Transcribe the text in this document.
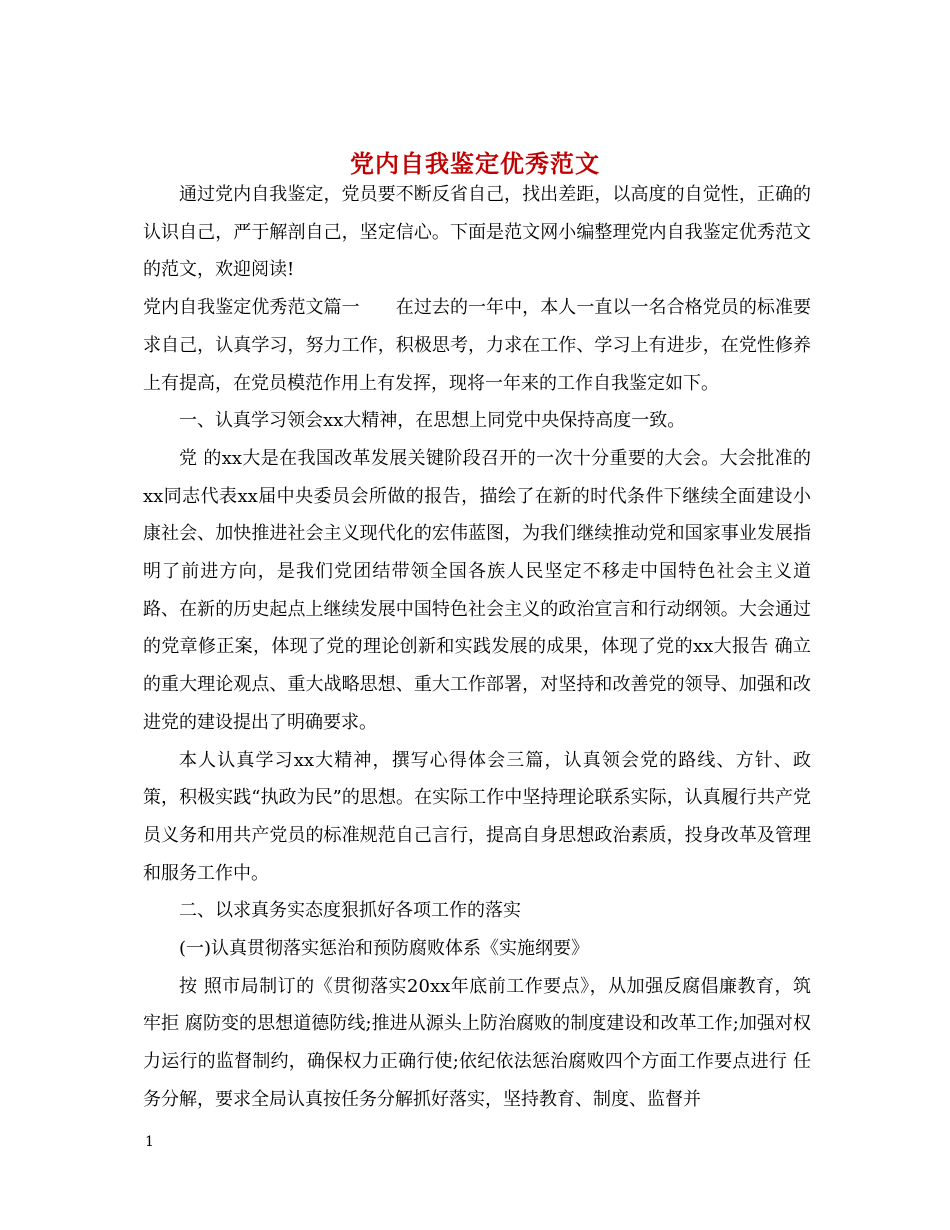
党内自我鉴定优秀范文

通过党内自我鉴定，党员要不断反省自己，找出差距，以高度的自觉性，正确的认识自己，严于解剖自己，坚定信心。下面是范文网小编整理党内自我鉴定优秀范文的范文，欢迎阅读!

党内自我鉴定优秀范文篇一　　在过去的一年中，本人一直以一名合格党员的标准要求自己，认真学习，努力工作，积极思考，力求在工作、学习上有进步，在党性修养上有提高，在党员模范作用上有发挥，现将一年来的工作自我鉴定如下。

一、认真学习领会xx大精神，在思想上同党中央保持高度一致。

党 的xx大是在我国改革发展关键阶段召开的一次十分重要的大会。大会批准的xx同志代表xx届中央委员会所做的报告，描绘了在新的时代条件下继续全面建设小 康社会、加快推进社会主义现代化的宏伟蓝图，为我们继续推动党和国家事业发展指明了前进方向，是我们党团结带领全国各族人民坚定不移走中国特色社会主义道 路、在新的历史起点上继续发展中国特色社会主义的政治宣言和行动纲领。大会通过的党章修正案，体现了党的理论创新和实践发展的成果，体现了党的xx大报告 确立的重大理论观点、重大战略思想、重大工作部署，对坚持和改善党的领导、加强和改进党的建设提出了明确要求。

本人认真学习xx大精神，撰写心得体会三篇，认真领会党的路线、方针、政策，积极实践“执政为民”的思想。在实际工作中坚持理论联系实际，认真履行共产党员义务和用共产党员的标准规范自己言行，提高自身思想政治素质，投身改革及管理和服务工作中。

二、以求真务实态度狠抓好各项工作的落实

(一)认真贯彻落实惩治和预防腐败体系《实施纲要》

按 照市局制订的《贯彻落实20xx年底前工作要点》，从加强反腐倡廉教育，筑牢拒 腐防变的思想道德防线;推进从源头上防治腐败的制度建设和改革工作;加强对权力运行的监督制约，确保权力正确行使;依纪依法惩治腐败四个方面工作要点进行 任务分解，要求全局认真按任务分解抓好落实，坚持教育、制度、监督并

1
